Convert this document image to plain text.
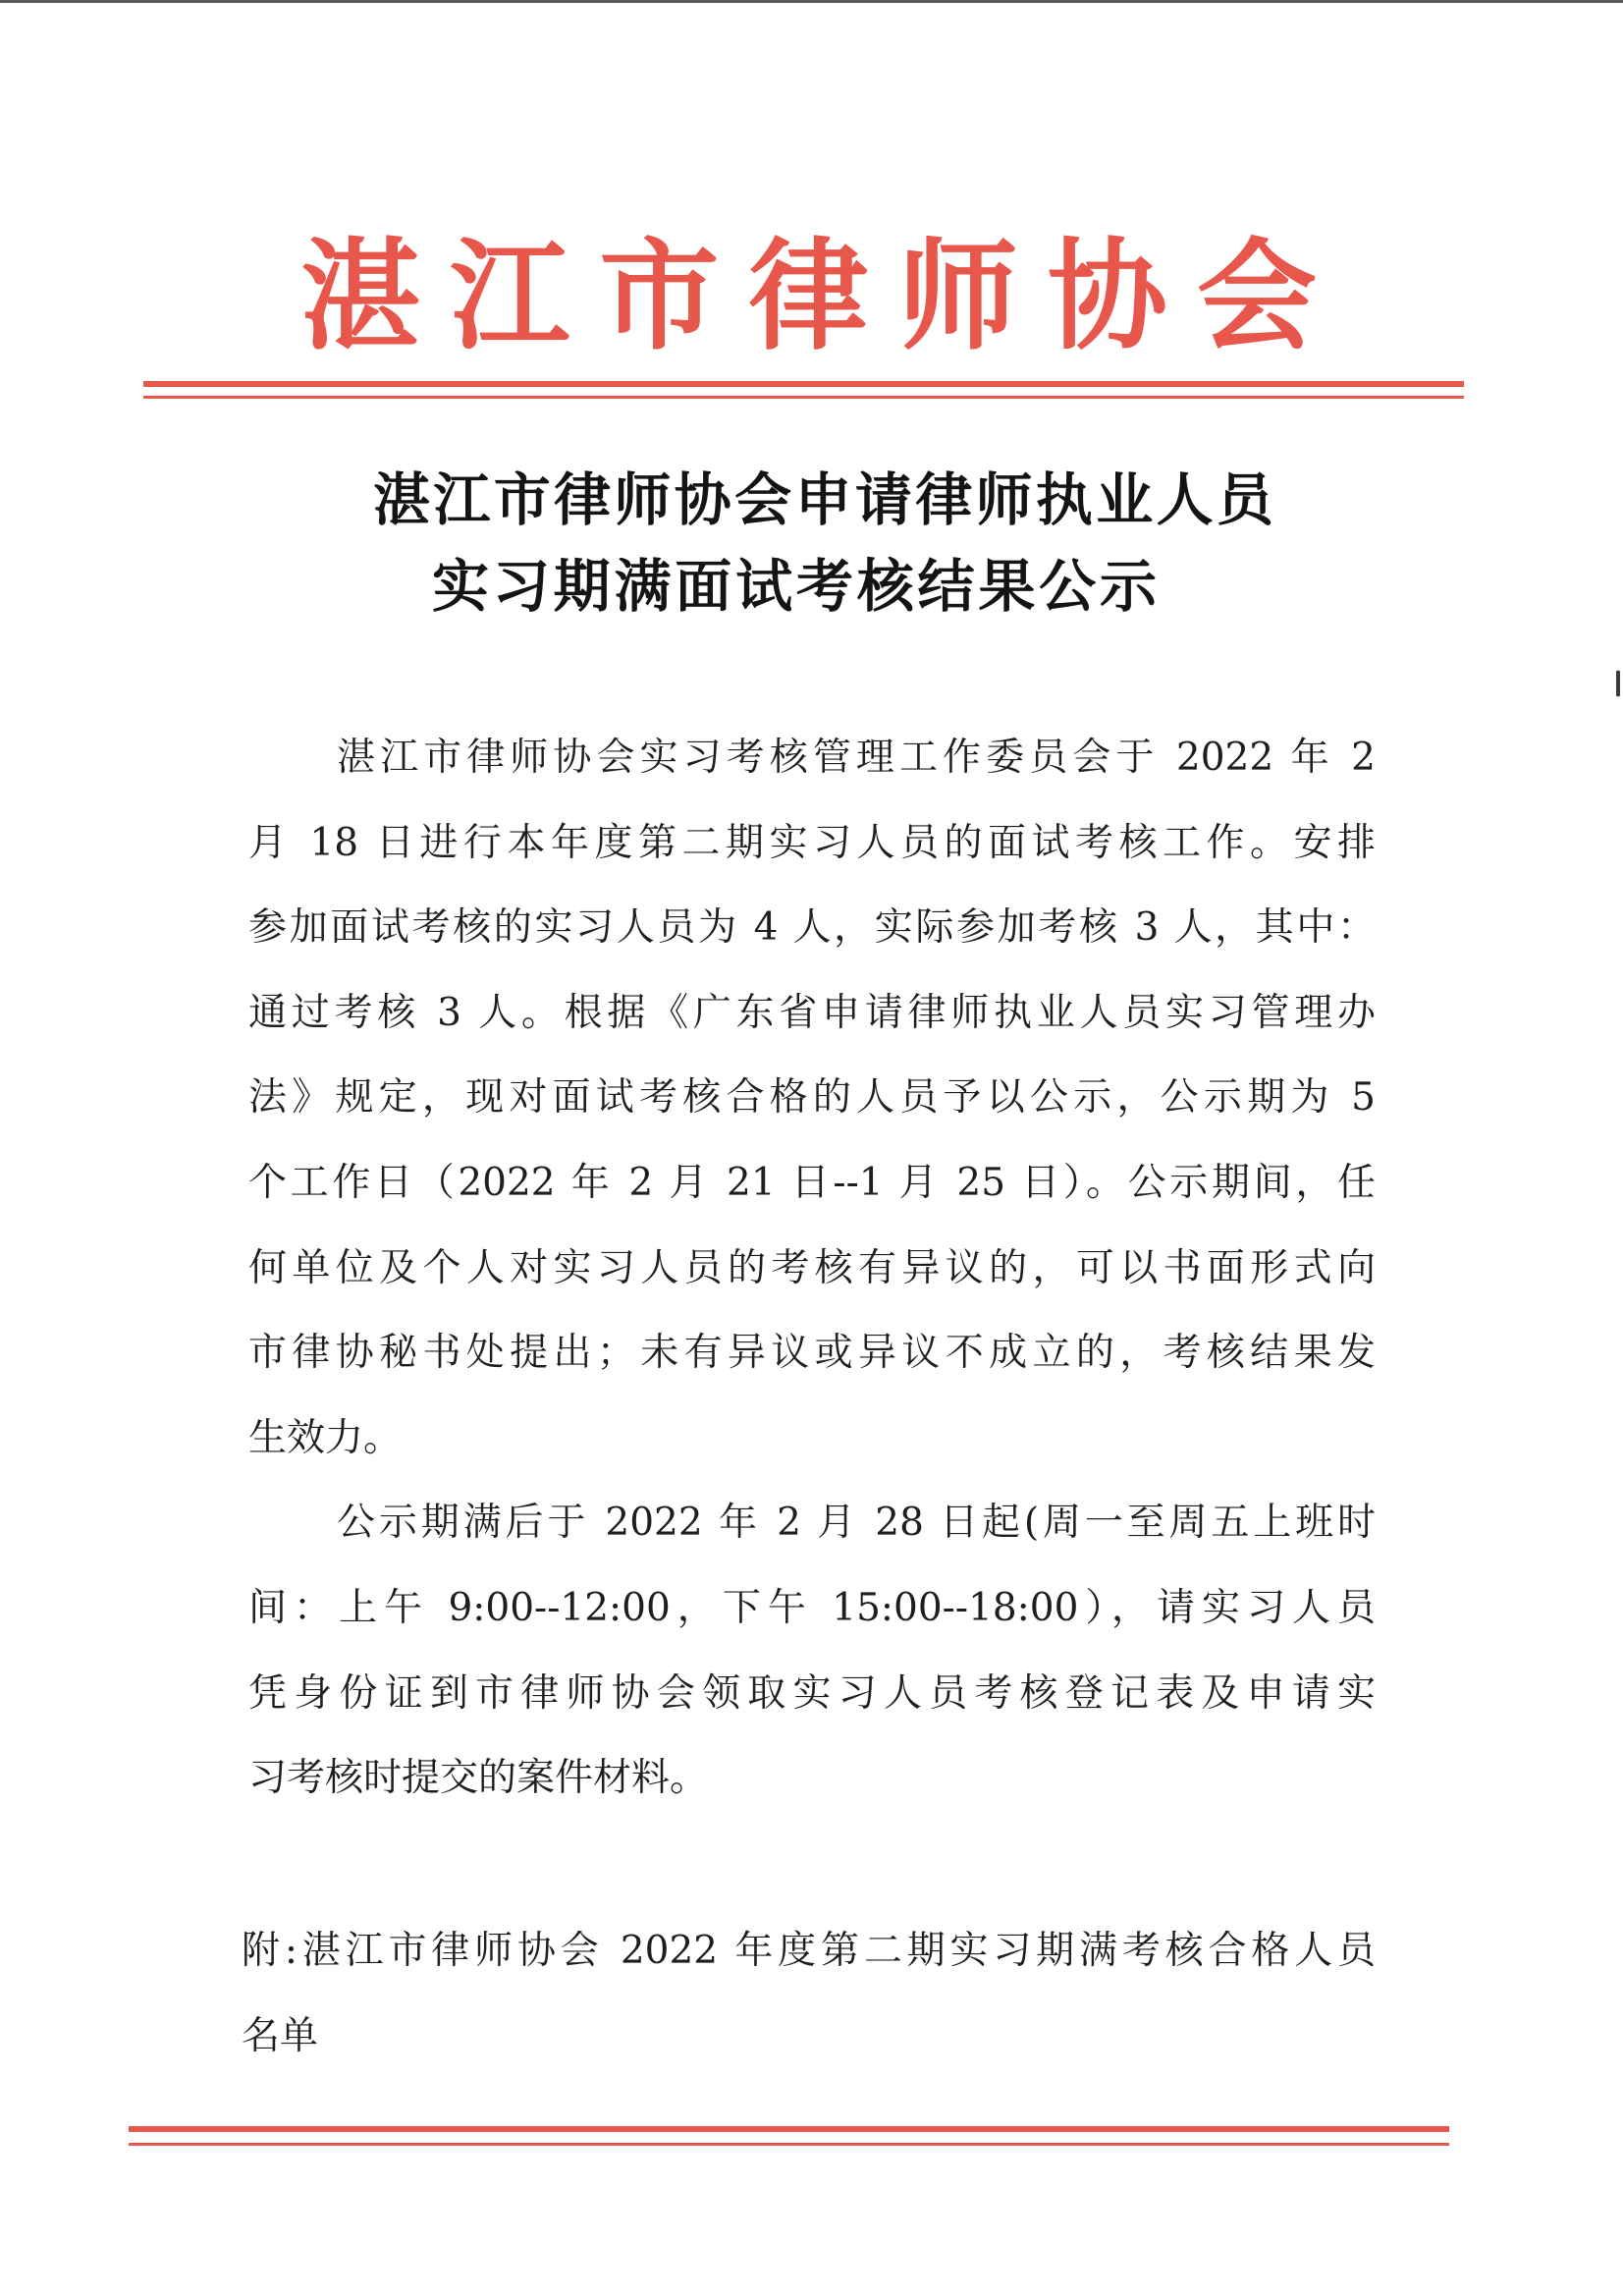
湛江市律师协会
湛江市律师协会申请律师执业人员
实习期满面试考核结果公示
湛江市律师协会实习考核管理工作委员会于 2022 年 2
月 18 日进行本年度第二期实习人员的面试考核工作。安排
参加面试考核的实习人员为 4 人，实际参加考核 3 人，其中：
通过考核 3 人。根据《广东省申请律师执业人员实习管理办
法》规定，现对面试考核合格的人员予以公示，公示期为 5
个工作日（2022 年 2 月 21 日--1 月 25 日）。公示期间，任
何单位及个人对实习人员的考核有异议的，可以书面形式向
市律协秘书处提出；未有异议或异议不成立的，考核结果发
生效力。
公示期满后于 2022 年 2 月 28 日起(周一至周五上班时
间：上午 9:00--12:00，下午 15:00--18:00），请实习人员
凭身份证到市律师协会领取实习人员考核登记表及申请实
习考核时提交的案件材料。
附:湛江市律师协会 2022 年度第二期实习期满考核合格人员
名单
